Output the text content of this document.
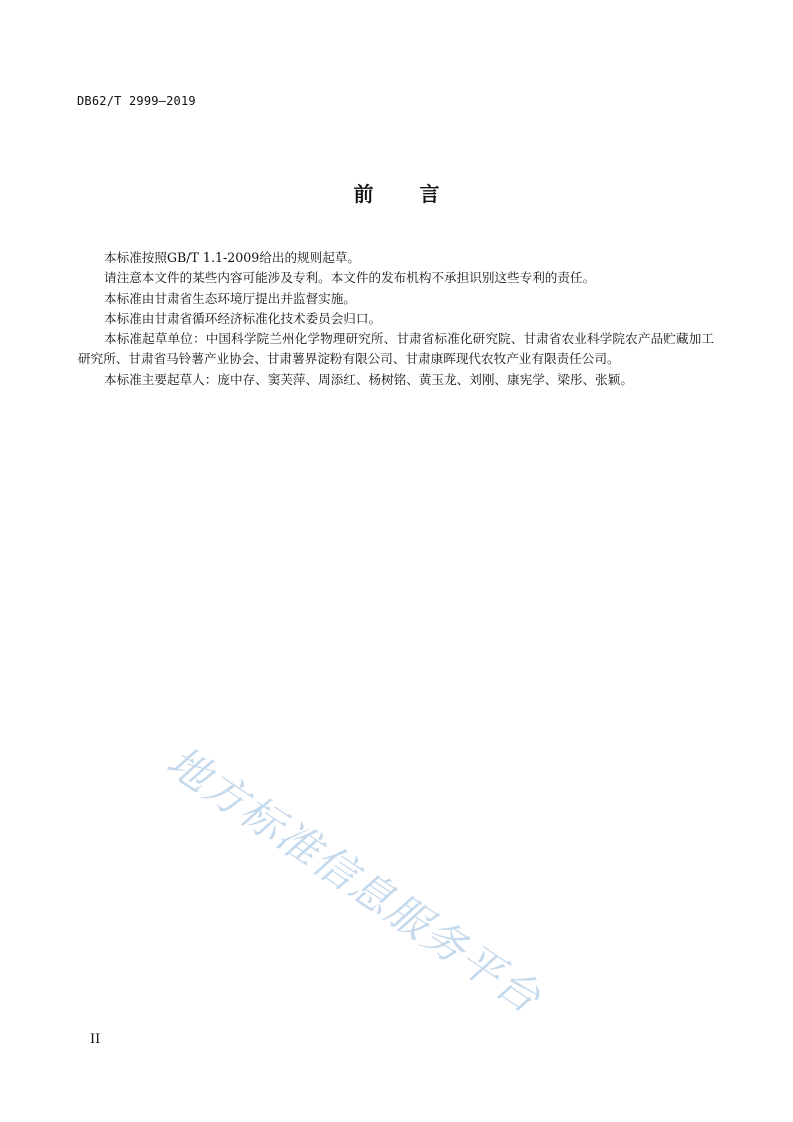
DB62/T 2999—2019
前 言

本标准按照GB/T 1.1-2009给出的规则起草。

请注意本文件的某些内容可能涉及专利。本文件的发布机构不承担识别这些专利的责任。

本标准由甘肃省生态环境厅提出并监督实施。

本标准由甘肃省循环经济标准化技术委员会归口。

本标准起草单位：中国科学院兰州化学物理研究所、甘肃省标准化研究院、甘肃省农业科学院农产品贮藏加工研究所、甘肃省马铃薯产业协会、甘肃薯界淀粉有限公司、甘肃康晖现代农牧产业有限责任公司。

本标准主要起草人：庞中存、窦芙萍、周添红、杨树铭、黄玉龙、刘刚、康宪学、梁彤、张颖。

地方标准信息服务平台
II
